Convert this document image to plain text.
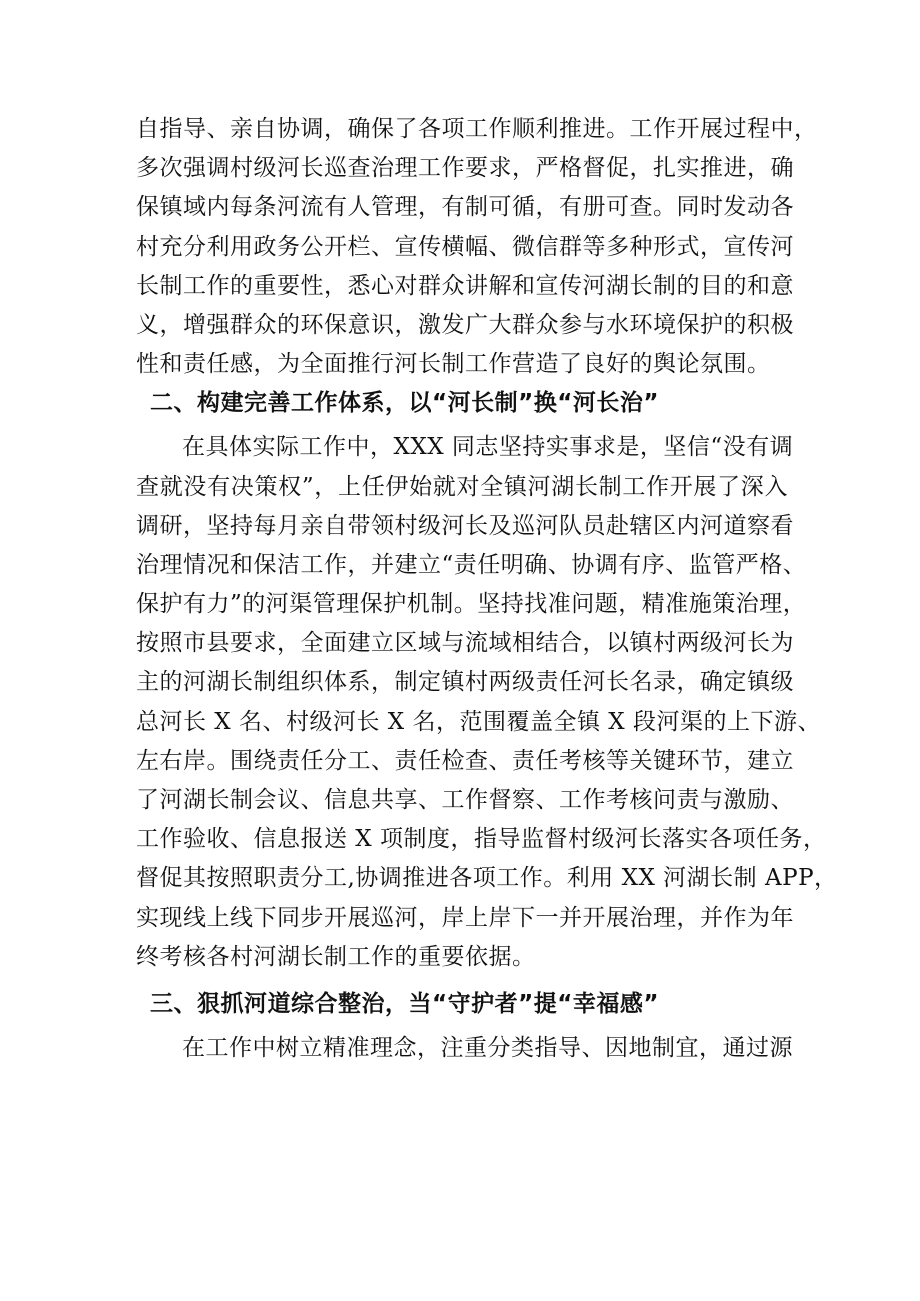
自指导、亲自协调，确保了各项工作顺利推进。工作开展过程中，
多次强调村级河长巡查治理工作要求，严格督促，扎实推进，确
保镇域内每条河流有人管理，有制可循，有册可查。同时发动各
村充分利用政务公开栏、宣传横幅、微信群等多种形式，宣传河
长制工作的重要性，悉心对群众讲解和宣传河湖长制的目的和意
义，增强群众的环保意识，激发广大群众参与水环境保护的积极
性和责任感，为全面推行河长制工作营造了良好的舆论氛围。
二、构建完善工作体系，以“河长制”换“河长治”
在具体实际工作中，XXX 同志坚持实事求是，坚信“没有调
查就没有决策权”，上任伊始就对全镇河湖长制工作开展了深入
调研，坚持每月亲自带领村级河长及巡河队员赴辖区内河道察看
治理情况和保洁工作，并建立“责任明确、协调有序、监管严格、
保护有力”的河渠管理保护机制。坚持找准问题，精准施策治理，
按照市县要求，全面建立区域与流域相结合，以镇村两级河长为
主的河湖长制组织体系，制定镇村两级责任河长名录，确定镇级
总河长 X 名、村级河长 X 名，范围覆盖全镇 X 段河渠的上下游、
左右岸。围绕责任分工、责任检查、责任考核等关键环节，建立
了河湖长制会议、信息共享、工作督察、工作考核问责与激励、
工作验收、信息报送 X 项制度，指导监督村级河长落实各项任务，
督促其按照职责分工,协调推进各项工作。利用 XX 河湖长制 APP，
实现线上线下同步开展巡河，岸上岸下一并开展治理，并作为年
终考核各村河湖长制工作的重要依据。
三、狠抓河道综合整治，当“守护者”提“幸福感”
在工作中树立精准理念，注重分类指导、因地制宜，通过源
